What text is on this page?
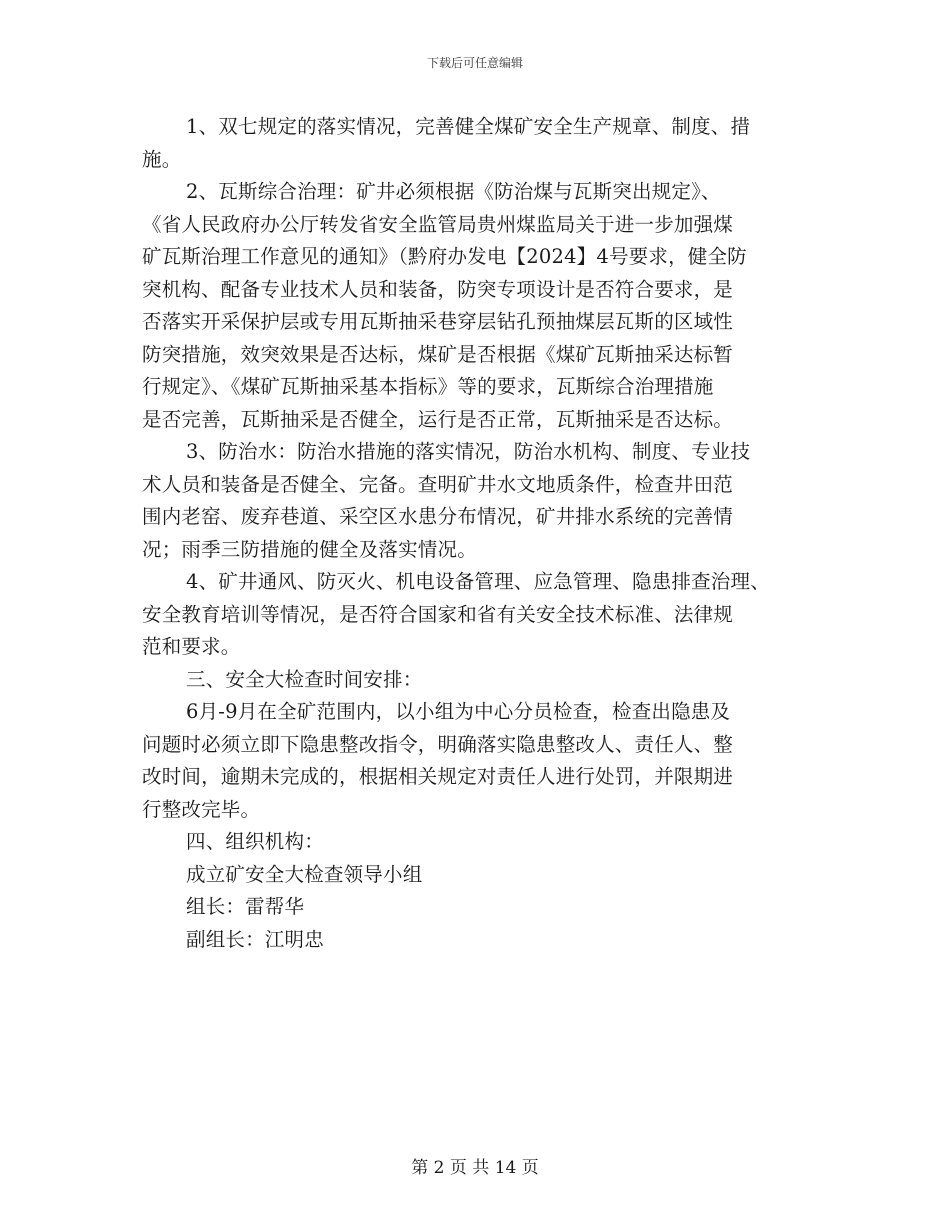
下载后可任意编辑
1、双七规定的落实情况，完善健全煤矿安全生产规章、制度、措
施。
2、瓦斯综合治理：矿井必须根据《防治煤与瓦斯突出规定》、
《省人民政府办公厅转发省安全监管局贵州煤监局关于进一步加强煤
矿瓦斯治理工作意见的通知》（黔府办发电【2024】4号要求，健全防
突机构、配备专业技术人员和装备，防突专项设计是否符合要求，是
否落实开采保护层或专用瓦斯抽采巷穿层钻孔预抽煤层瓦斯的区域性
防突措施，效突效果是否达标，煤矿是否根据《煤矿瓦斯抽采达标暂
行规定》、《煤矿瓦斯抽采基本指标》等的要求，瓦斯综合治理措施
是否完善，瓦斯抽采是否健全，运行是否正常，瓦斯抽采是否达标。
3、防治水：防治水措施的落实情况，防治水机构、制度、专业技
术人员和装备是否健全、完备。查明矿井水文地质条件，检查井田范
围内老窑、废弃巷道、采空区水患分布情况，矿井排水系统的完善情
况；雨季三防措施的健全及落实情况。
4、矿井通风、防灭火、机电设备管理、应急管理、隐患排查治理、
安全教育培训等情况，是否符合国家和省有关安全技术标准、法律规
范和要求。
三、安全大检查时间安排：
6月-9月在全矿范围内，以小组为中心分员检查，检查出隐患及
问题时必须立即下隐患整改指令，明确落实隐患整改人、责任人、整
改时间，逾期未完成的，根据相关规定对责任人进行处罚，并限期进
行整改完毕。
四、组织机构：
成立矿安全大检查领导小组
组长：雷帮华
副组长：江明忠
第 2 页 共 14 页
